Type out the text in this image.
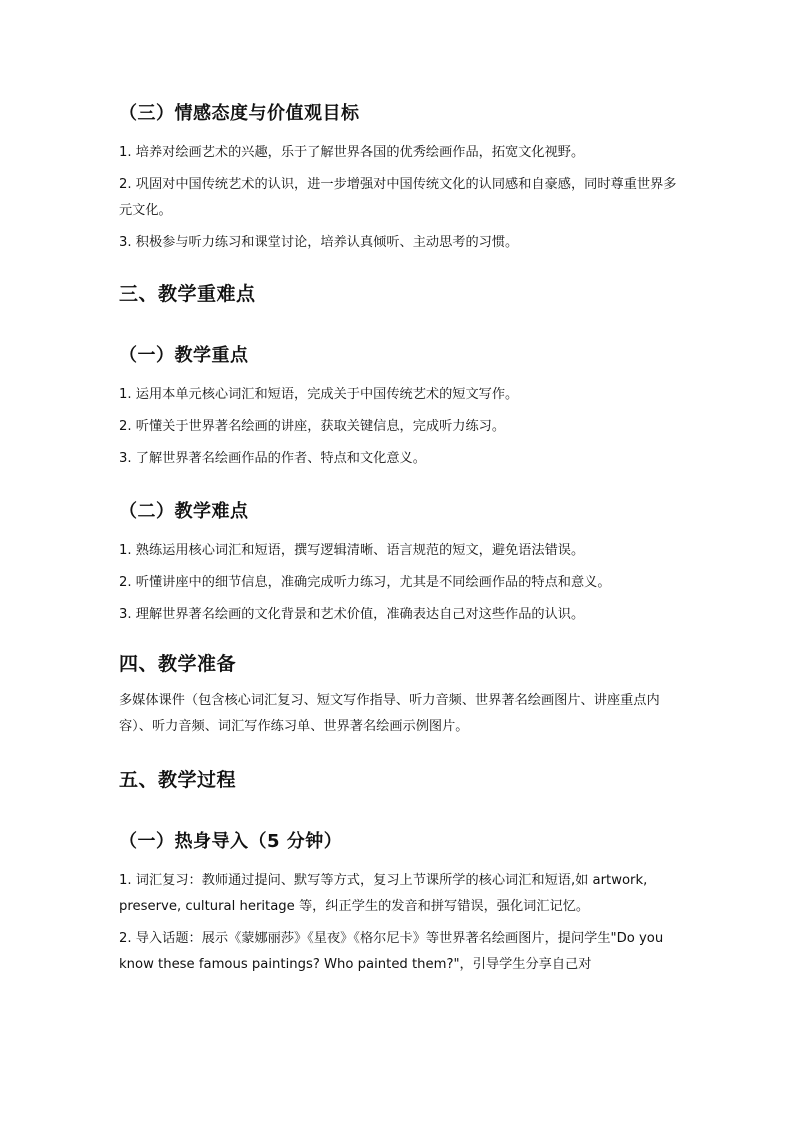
（三）情感态度与价值观目标

1. 培养对绘画艺术的兴趣，乐于了解世界各国的优秀绘画作品，拓宽文化视野。

2. 巩固对中国传统艺术的认识，进一步增强对中国传统文化的认同感和自豪感，同时尊重世界多元文化。

3. 积极参与听力练习和课堂讨论，培养认真倾听、主动思考的习惯。

三、教学重难点
（一）教学重点

1. 运用本单元核心词汇和短语，完成关于中国传统艺术的短文写作。

2. 听懂关于世界著名绘画的讲座，获取关键信息，完成听力练习。

3. 了解世界著名绘画作品的作者、特点和文化意义。

（二）教学难点

1. 熟练运用核心词汇和短语，撰写逻辑清晰、语言规范的短文，避免语法错误。

2. 听懂讲座中的细节信息，准确完成听力练习，尤其是不同绘画作品的特点和意义。

3. 理解世界著名绘画的文化背景和艺术价值，准确表达自己对这些作品的认识。

四、教学准备

多媒体课件（包含核心词汇复习、短文写作指导、听力音频、世界著名绘画图片、讲座重点内容）、听力音频、词汇写作练习单、世界著名绘画示例图片。

五、教学过程
（一）热身导入（5 分钟）

1. 词汇复习：教师通过提问、默写等方式，复习上节课所学的核心词汇和短语,如 artwork, preserve, cultural heritage 等，纠正学生的发音和拼写错误，强化词汇记忆。

2. 导入话题：展示《蒙娜丽莎》《星夜》《格尔尼卡》等世界著名绘画图片，提问学生"Do you know these famous paintings? Who painted them?"，引导学生分享自己对
